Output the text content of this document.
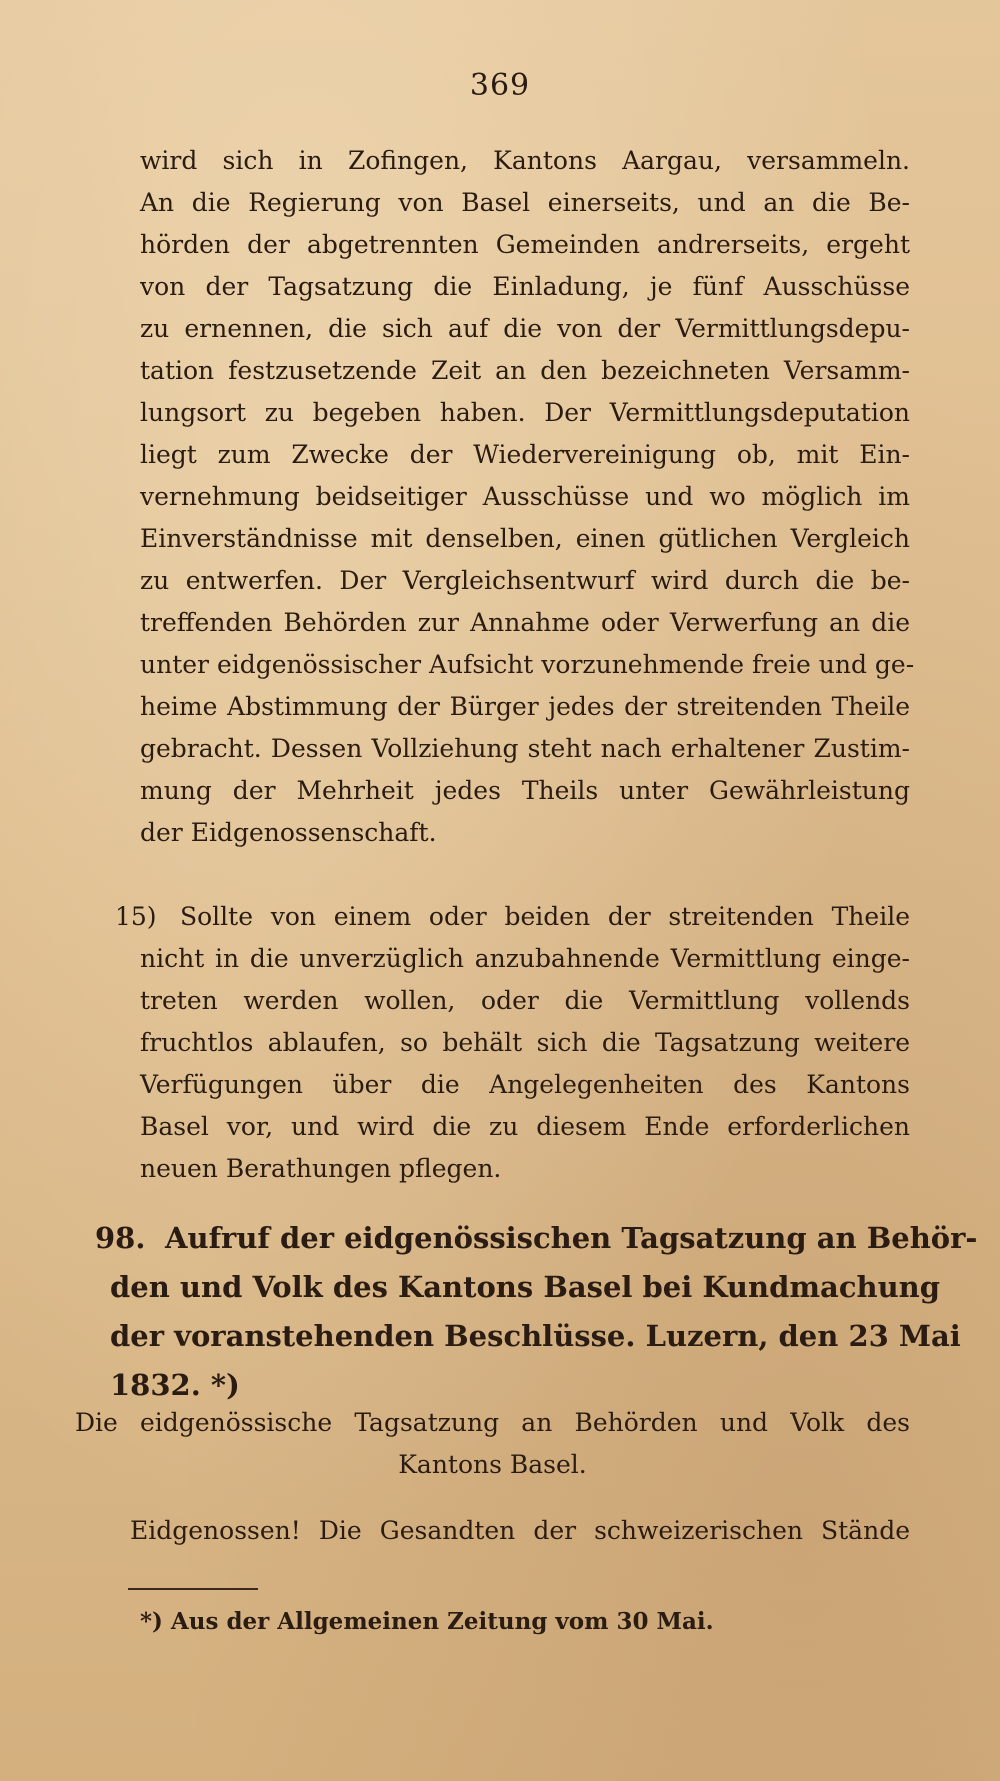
369
wird sich in Zofingen, Kantons Aargau, versammeln.
An die Regierung von Basel einerseits, und an die Be-
hörden der abgetrennten Gemeinden andrerseits, ergeht
von der Tagsatzung die Einladung, je fünf Ausschüsse
zu ernennen, die sich auf die von der Vermittlungsdepu-
tation festzusetzende Zeit an den bezeichneten Versamm-
lungsort zu begeben haben. Der Vermittlungsdeputation
liegt zum Zwecke der Wiedervereinigung ob, mit Ein-
vernehmung beidseitiger Ausschüsse und wo möglich im
Einverständnisse mit denselben, einen gütlichen Vergleich
zu entwerfen. Der Vergleichsentwurf wird durch die be-
treffenden Behörden zur Annahme oder Verwerfung an die
unter eidgenössischer Aufsicht vorzunehmende freie und ge-
heime Abstimmung der Bürger jedes der streitenden Theile
gebracht. Dessen Vollziehung steht nach erhaltener Zustim-
mung der Mehrheit jedes Theils unter Gewährleistung
der Eidgenossenschaft.
15) Sollte von einem oder beiden der streitenden Theile
nicht in die unverzüglich anzubahnende Vermittlung einge-
treten werden wollen, oder die Vermittlung vollends
fruchtlos ablaufen, so behält sich die Tagsatzung weitere
Verfügungen über die Angelegenheiten des Kantons
Basel vor, und wird die zu diesem Ende erforderlichen
neuen Berathungen pflegen.
98. Aufruf der eidgenössischen Tagsatzung an Behör-
den und Volk des Kantons Basel bei Kundmachung
der voranstehenden Beschlüsse. Luzern, den 23 Mai
1832. *)
Die eidgenössische Tagsatzung an Behörden und Volk des
Kantons Basel.
Eidgenossen! Die Gesandten der schweizerischen Stände
*) Aus der Allgemeinen Zeitung vom 30 Mai.
